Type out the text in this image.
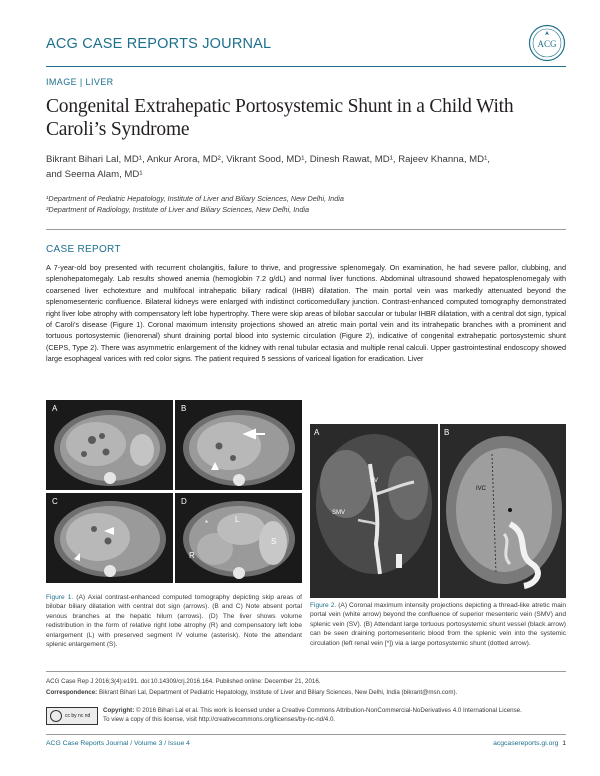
ACG CASE REPORTS JOURNAL	ACG
IMAGE | LIVER
Congenital Extrahepatic Portosystemic Shunt in a Child With Caroli’s Syndrome
Bikrant Bihari Lal, MD¹, Ankur Arora, MD², Vikrant Sood, MD¹, Dinesh Rawat, MD¹, Rajeev Khanna, MD¹,
and Seema Alam, MD¹
¹Department of Pediatric Hepatology, Institute of Liver and Biliary Sciences, New Delhi, India
²Department of Radiology, Institute of Liver and Biliary Sciences, New Delhi, India
CASE REPORT
A 7-year-old boy presented with recurrent cholangitis, failure to thrive, and progressive splenomegaly. On examination, he had severe pallor, clubbing, and splenohepatomegaly. Lab results showed anemia (hemoglobin 7.2 g/dL) and normal liver functions. Abdominal ultrasound showed hepatosplenomegaly with coarsened liver echotexture and multifocal intrahepatic biliary radical (IHBR) dilatation. The main portal vein was markedly attenuated beyond the splenomesenteric confluence. Bilateral kidneys were enlarged with indistinct corticomedullary junction. Contrast-enhanced computed tomography demonstrated right liver lobe atrophy with compensatory left lobe hypertrophy. There were skip areas of bilobar saccular or tubular IHBR dilatation, with a central dot sign, typical of Caroli’s disease (Figure 1). Coronal maximum intensity projections showed an atretic main portal vein and its intrahepatic branches with a prominent and tortuous portosystemic (lienorenal) shunt draining portal blood into systemic circulation (Figure 2), indicative of congenital extrahepatic portosystemic shunt (CEPS, Type 2). There was asymmetric enlargement of the kidney with renal tubular ectasia and multiple renal calculi. Upper gastrointestinal endoscopy showed large esophageal varices with red color signs. The patient required 5 sessions of variceal ligation for eradication. Liver
A	B
C	D
*	L
R
S
A
SV
SMV
B
IVC
Figure 1. (A) Axial contrast-enhanced computed tomography depicting skip areas of bilobar biliary dilatation with central dot sign (arrows). (B and C) Note absent portal venous branches at the hepatic hilum (arrows). (D) The liver shows volume redistribution in the form of relative right lobe atrophy (R) and compensatory left lobe enlargement (L) with preserved segment IV volume (asterisk). Note the attendant splenic enlargement (S).
Figure 2. (A) Coronal maximum intensity projections depicting a thread-like atretic main portal vein (white arrow) beyond the confluence of superior mesenteric vein (SMV) and splenic vein (SV). (B) Attendant large tortuous portosystemic shunt vessel (black arrow) can be seen draining portomesenteric blood from the splenic vein into the systemic circulation (left renal vein [*]) via a large portosystemic shunt (dotted arrow).
ACG Case Rep J 2016;3(4):e191. doi:10.14309/crj.2016.164. Published online: December 21, 2016.
Correspondence: Bikrant Bihari Lal, Department of Pediatric Hepatology, Institute of Liver and Biliary Sciences, New Delhi, India (bikrant@msn.com).
cc by nc nd
Copyright: © 2016 Bihari Lal et al. This work is licensed under a Creative Commons Attribution-NonCommercial-NoDerivatives 4.0 International License.
To view a copy of this license, visit http://creativecommons.org/licenses/by-nc-nd/4.0.
ACG Case Reports Journal / Volume 3 / Issue 4	acgcasereports.gi.org 1
